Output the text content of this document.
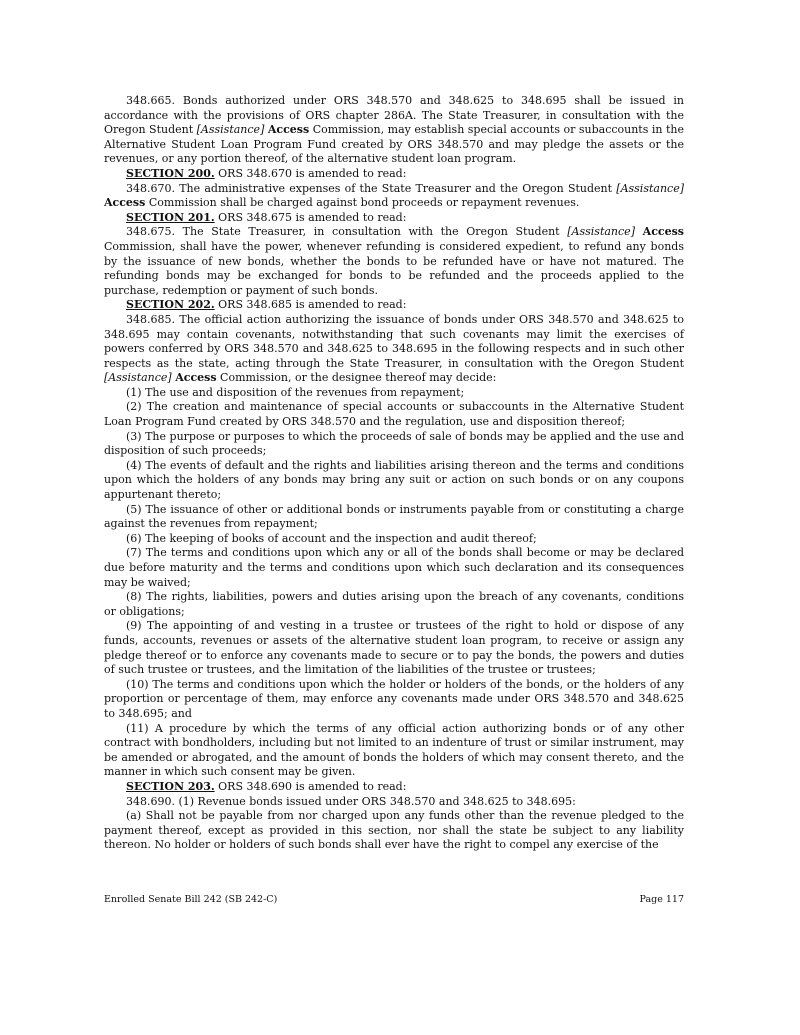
348.665. Bonds authorized under ORS 348.570 and 348.625 to 348.695 shall be issued in accordance with the provisions of ORS chapter 286A. The State Treasurer, in consultation with the Oregon Student [Assistance] Access Commission, may establish special accounts or subaccounts in the Alternative Student Loan Program Fund created by ORS 348.570 and may pledge the assets or the revenues, or any portion thereof, of the alternative student loan program.

SECTION 200. ORS 348.670 is amended to read:

348.670. The administrative expenses of the State Treasurer and the Oregon Student [Assistance] Access Commission shall be charged against bond proceeds or repayment revenues.

SECTION 201. ORS 348.675 is amended to read:

348.675. The State Treasurer, in consultation with the Oregon Student [Assistance] Access Commission, shall have the power, whenever refunding is considered expedient, to refund any bonds by the issuance of new bonds, whether the bonds to be refunded have or have not matured. The refunding bonds may be exchanged for bonds to be refunded and the proceeds applied to the purchase, redemption or payment of such bonds.

SECTION 202. ORS 348.685 is amended to read:

348.685. The official action authorizing the issuance of bonds under ORS 348.570 and 348.625 to 348.695 may contain covenants, notwithstanding that such covenants may limit the exercises of powers conferred by ORS 348.570 and 348.625 to 348.695 in the following respects and in such other respects as the state, acting through the State Treasurer, in consultation with the Oregon Student [Assistance] Access Commission, or the designee thereof may decide:

(1) The use and disposition of the revenues from repayment;

(2) The creation and maintenance of special accounts or subaccounts in the Alternative Student Loan Program Fund created by ORS 348.570 and the regulation, use and disposition thereof;

(3) The purpose or purposes to which the proceeds of sale of bonds may be applied and the use and disposition of such proceeds;

(4) The events of default and the rights and liabilities arising thereon and the terms and conditions upon which the holders of any bonds may bring any suit or action on such bonds or on any coupons appurtenant thereto;

(5) The issuance of other or additional bonds or instruments payable from or constituting a charge against the revenues from repayment;

(6) The keeping of books of account and the inspection and audit thereof;

(7) The terms and conditions upon which any or all of the bonds shall become or may be declared due before maturity and the terms and conditions upon which such declaration and its consequences may be waived;

(8) The rights, liabilities, powers and duties arising upon the breach of any covenants, conditions or obligations;

(9) The appointing of and vesting in a trustee or trustees of the right to hold or dispose of any funds, accounts, revenues or assets of the alternative student loan program, to receive or assign any pledge thereof or to enforce any covenants made to secure or to pay the bonds, the powers and duties of such trustee or trustees, and the limitation of the liabilities of the trustee or trustees;

(10) The terms and conditions upon which the holder or holders of the bonds, or the holders of any proportion or percentage of them, may enforce any covenants made under ORS 348.570 and 348.625 to 348.695; and

(11) A procedure by which the terms of any official action authorizing bonds or of any other contract with bondholders, including but not limited to an indenture of trust or similar instrument, may be amended or abrogated, and the amount of bonds the holders of which may consent thereto, and the manner in which such consent may be given.

SECTION 203. ORS 348.690 is amended to read:

348.690. (1) Revenue bonds issued under ORS 348.570 and 348.625 to 348.695:

(a) Shall not be payable from nor charged upon any funds other than the revenue pledged to the payment thereof, except as provided in this section, nor shall the state be subject to any liability thereon. No holder or holders of such bonds shall ever have the right to compel any exercise of the

Enrolled Senate Bill 242 (SB 242-C)	Page 117
